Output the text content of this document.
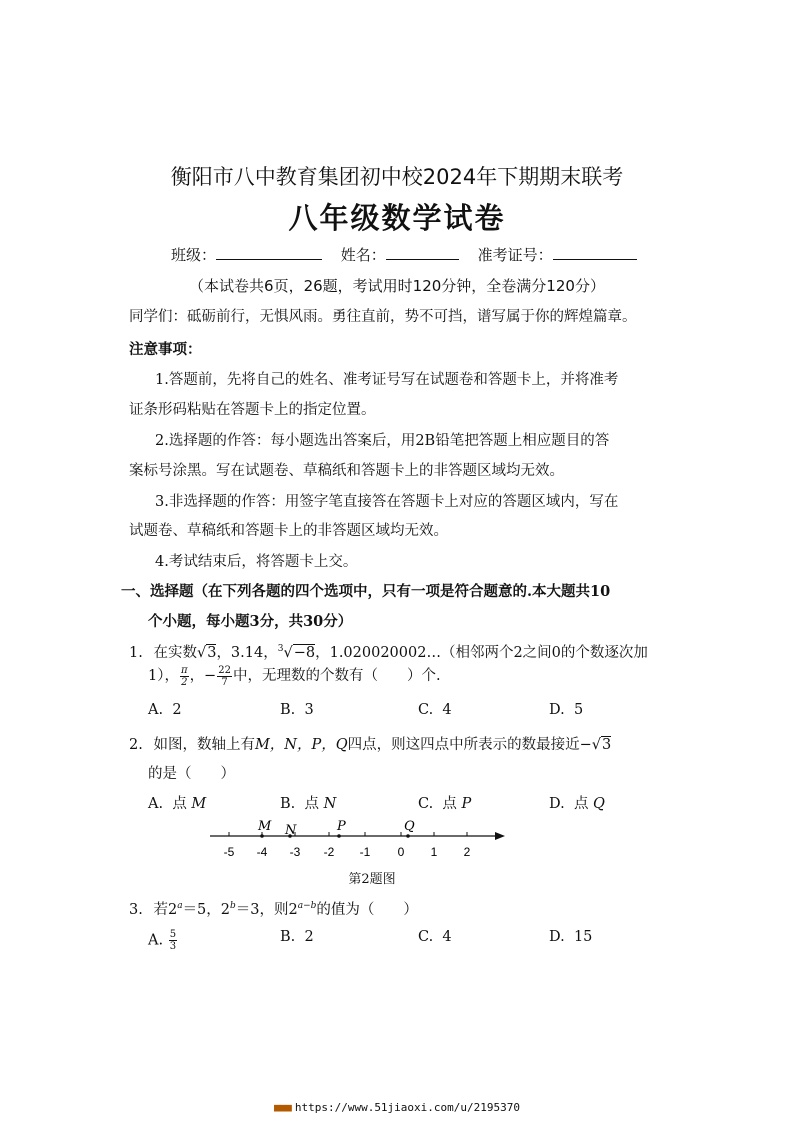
衡阳市八中教育集团初中校2024年下期期末联考
八年级数学试卷
班级：	姓名：	准考证号：
（本试卷共6页，26题，考试用时120分钟，全卷满分120分）
同学们：砥砺前行，无惧风雨。勇往直前，势不可挡，谱写属于你的辉煌篇章。
注意事项：
1.答题前，先将自己的姓名、准考证号写在试题卷和答题卡上，并将准考
证条形码粘贴在答题卡上的指定位置。
2.选择题的作答：每小题选出答案后，用2B铅笔把答题上相应题目的答
案标号涂黑。写在试题卷、草稿纸和答题卡上的非答题区域均无效。
3.非选择题的作答：用签字笔直接答在答题卡上对应的答题区域内，写在
试题卷、草稿纸和答题卡上的非答题区域均无效。
4.考试结束后，将答题卡上交。
一、选择题（在下列各题的四个选项中，只有一项是符合题意的.本大题共10
个小题，每小题3分，共30分）
1. 在实数√3，3.14，$^3$√−8，1.020020002…（相邻两个2之间0的个数逐次加
1）， $\frac{\pi}{2}$ ，− $\frac{22}{7}$ 中，无理数的个数有（　　）个.
A. 2	B. 3	C. 4	D. 5
2. 如图，数轴上有M，N，P，Q四点，则这四点中所表示的数最接近−√3
的是（　　）
A. 点 M	B. 点 N	C. 点 P	D. 点 Q
M N	P	Q
-5 -4 -3 -2 -1 0 1 2
第2题图
3. 若$2^a=5$，$2^b=3$，则$2^{a-b}$的值为（　　）
A. $\frac{5}{3}$	B. 2	C. 4	D. 15
■■■ https://www.51jiaoxi.com/u/2195370
